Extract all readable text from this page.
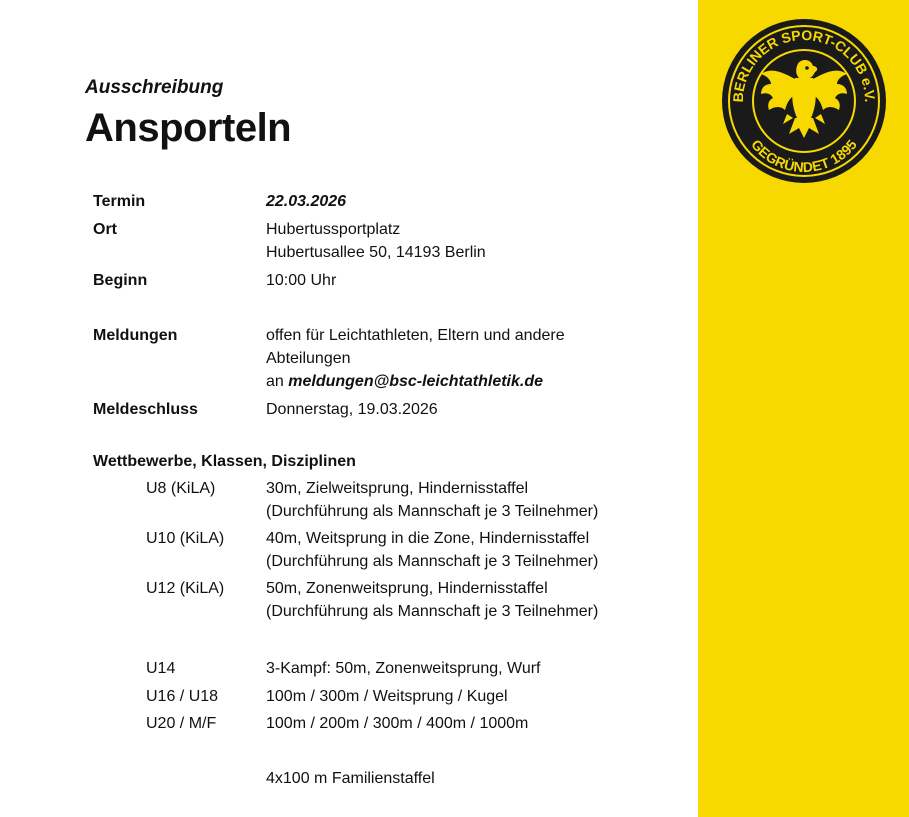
BERLINER SPORT-CLUB e.V.
GEGRÜNDET 1895

Ausschreibung

Ansporteln
Termin	22.03.2026
Ort	Hubertussportplatz
Hubertusallee 50, 14193 Berlin
Beginn	10:00 Uhr
Meldungen	offen für Leichtathleten, Eltern und andere
Abteilungen
an meldungen@bsc-leichtathletik.de
Meldeschluss	Donnerstag, 19.03.2026
Wettbewerbe, Klassen, Disziplinen
U8 (KiLA)	30m, Zielweitsprung, Hindernisstaffel
(Durchführung als Mannschaft je 3 Teilnehmer)
U10 (KiLA)	40m, Weitsprung in die Zone, Hindernisstaffel
(Durchführung als Mannschaft je 3 Teilnehmer)
U12 (KiLA)	50m, Zonenweitsprung, Hindernisstaffel
(Durchführung als Mannschaft je 3 Teilnehmer)
U14	3-Kampf: 50m, Zonenweitsprung, Wurf
U16 / U18	100m / 300m / Weitsprung / Kugel
U20 / M/F	100m / 200m / 300m / 400m / 1000m
4x100 m Familienstaffel
